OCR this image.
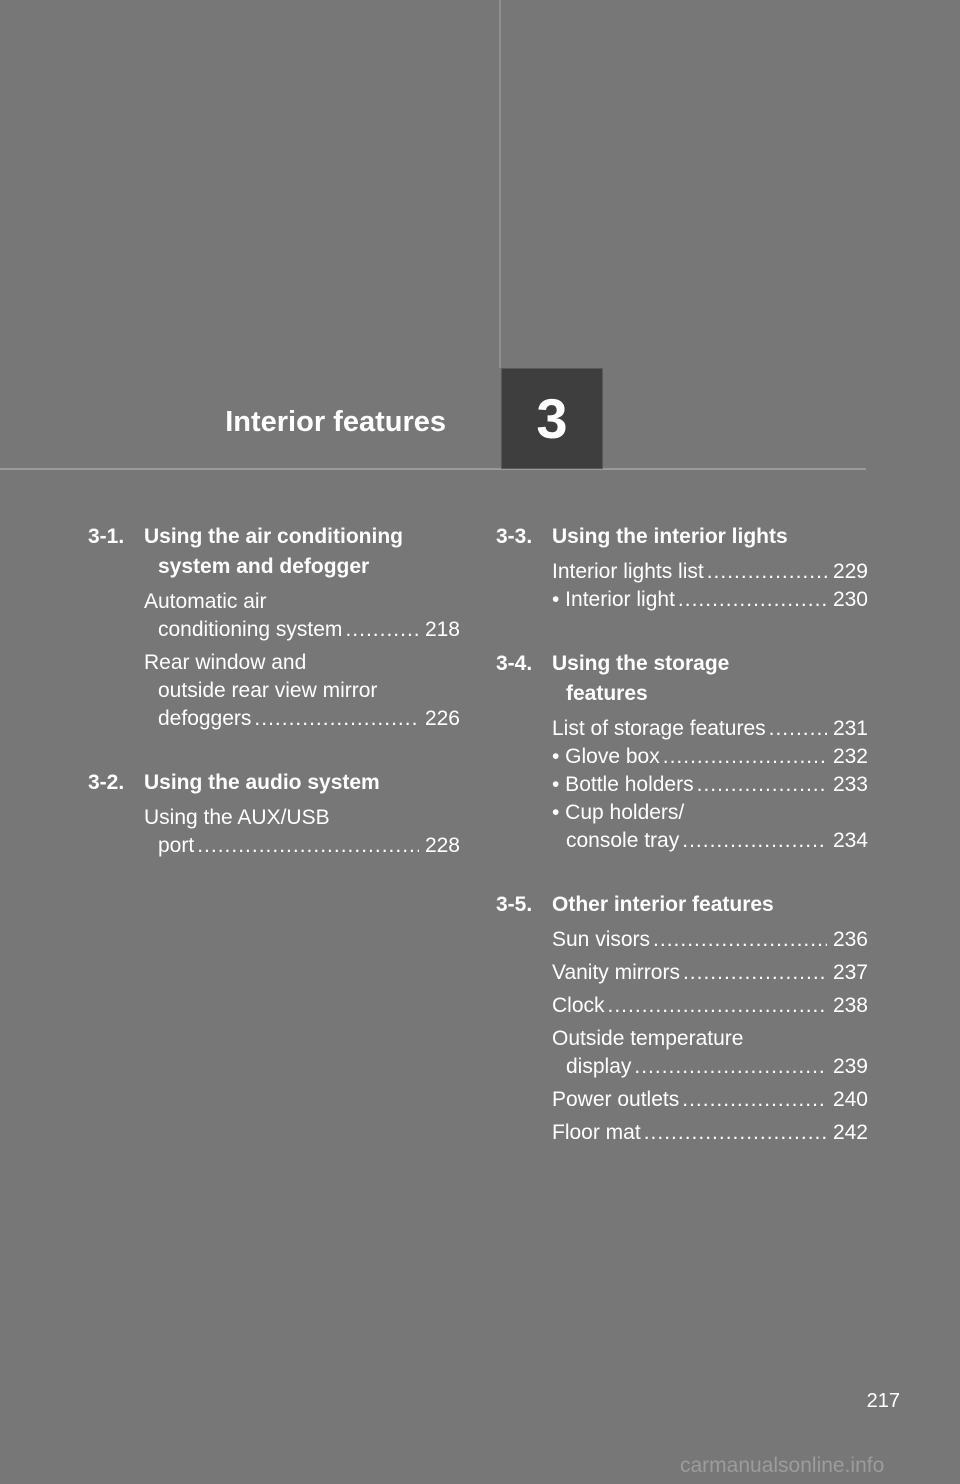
Interior features 3
3-1. Using the air conditioning
system and defogger
Automatic air
conditioning system .....	218
Rear window and
outside rear view mirror
defoggers .....	226
3-2. Using the audio system
Using the AUX/USB
port .....	228
3-3. Using the interior lights
Interior lights list .....	229
• Interior light .....	230
3-4. Using the storage
features
List of storage features .....	231
• Glove box .....	232
• Bottle holders .....	233
• Cup holders/
console tray .....	234
3-5. Other interior features
Sun visors .....	236
Vanity mirrors .....	237
Clock .....	238
Outside temperature
display .....	239
Power outlets .....	240
Floor mat .....	242
217
carmanualsonline.info
